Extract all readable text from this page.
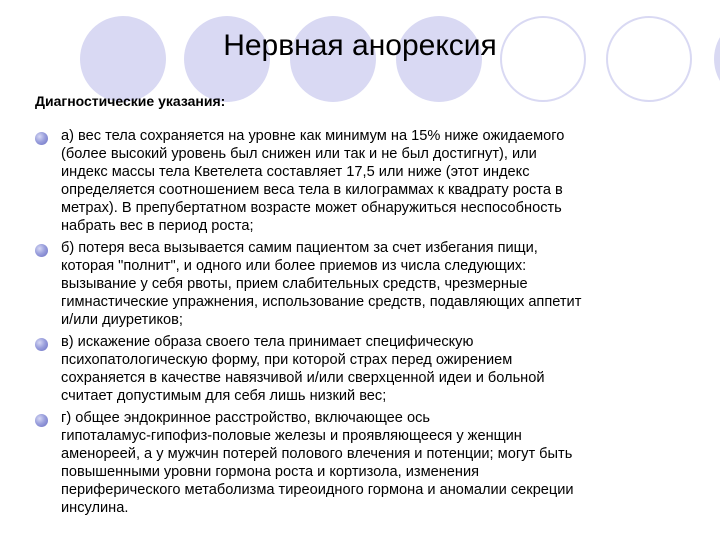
Нервная анорексия

Диагностические указания:

а) вес тела сохраняется на уровне как минимум на 15% ниже ожидаемого
(более высокий уровень был снижен или так и не был достигнут), или
индекс массы тела Кветелета составляет 17,5 или ниже (этот индекс
определяется соотношением веса тела в килограммах к квадрату роста в
метрах). В препубертатном возрасте может обнаружиться неспособность
набрать вес в период роста;
б) потеря веса вызывается самим пациентом за счет избегания пищи,
которая "полнит", и одного или более приемов из числа следующих:
вызывание у себя рвоты, прием слабительных средств, чрезмерные
гимнастические упражнения, использование средств, подавляющих аппетит
и/или диуретиков;
в) искажение образа своего тела принимает специфическую
психопатологическую форму, при которой страх перед ожирением
сохраняется в качестве навязчивой и/или сверхценной идеи и больной
считает допустимым для себя лишь низкий вес;
г) общее эндокринное расстройство, включающее ось
гипоталамус-гипофиз-половые железы и проявляющееся у женщин
аменореей, а у мужчин потерей полового влечения и потенции; могут быть
повышенными уровни гормона роста и кортизола, изменения
периферического метаболизма тиреоидного гормона и аномалии секреции
инсулина.
